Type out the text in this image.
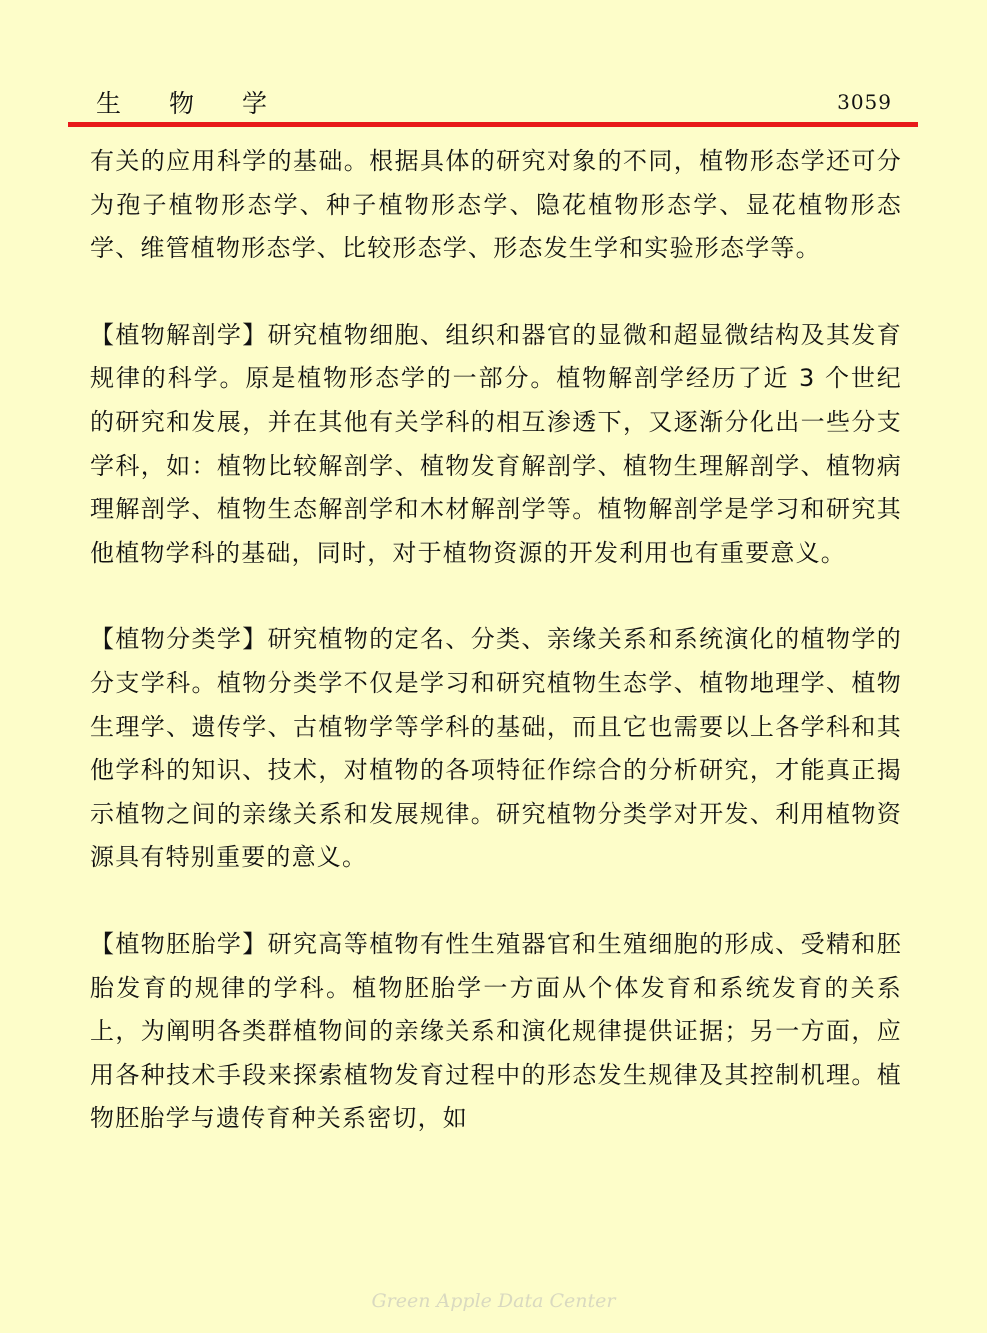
生物学	3059

有关的应用科学的基础。根据具体的研究对象的不同，植物形态学还可分为孢子植物形态学、种子植物形态学、隐花植物形态学、显花植物形态学、维管植物形态学、比较形态学、形态发生学和实验形态学等。

【植物解剖学】研究植物细胞、组织和器官的显微和超显微结构及其发育规律的科学。原是植物形态学的一部分。植物解剖学经历了近 3 个世纪的研究和发展，并在其他有关学科的相互渗透下，又逐渐分化出一些分支学科，如：植物比较解剖学、植物发育解剖学、植物生理解剖学、植物病理解剖学、植物生态解剖学和木材解剖学等。植物解剖学是学习和研究其他植物学科的基础，同时，对于植物资源的开发利用也有重要意义。

【植物分类学】研究植物的定名、分类、亲缘关系和系统演化的植物学的分支学科。植物分类学不仅是学习和研究植物生态学、植物地理学、植物生理学、遗传学、古植物学等学科的基础，而且它也需要以上各学科和其他学科的知识、技术，对植物的各项特征作综合的分析研究，才能真正揭示植物之间的亲缘关系和发展规律。研究植物分类学对开发、利用植物资源具有特别重要的意义。

【植物胚胎学】研究高等植物有性生殖器官和生殖细胞的形成、受精和胚胎发育的规律的学科。植物胚胎学一方面从个体发育和系统发育的关系上，为阐明各类群植物间的亲缘关系和演化规律提供证据；另一方面，应用各种技术手段来探索植物发育过程中的形态发生规律及其控制机理。植物胚胎学与遗传育种关系密切，如

Green Apple Data Center
